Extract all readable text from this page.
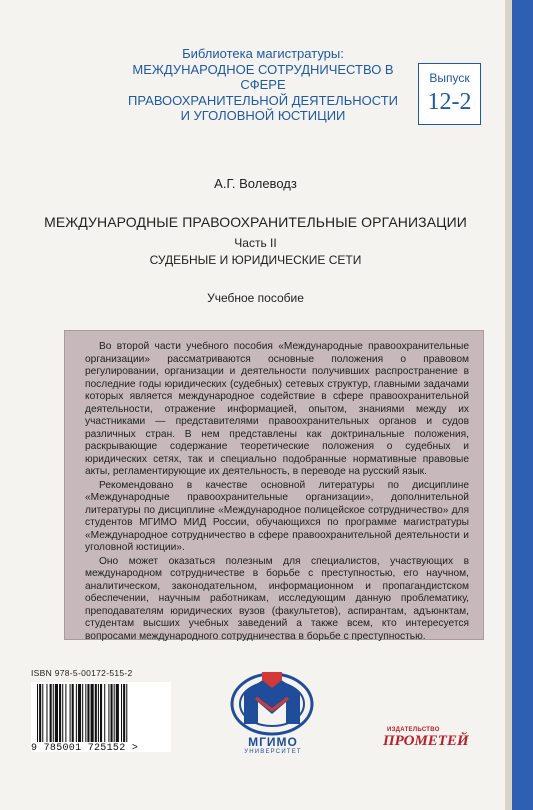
Библиотека магистратуры:
МЕЖДУНАРОДНОЕ СОТРУДНИЧЕСТВО В СФЕРЕ
ПРАВООХРАНИТЕЛЬНОЙ ДЕЯТЕЛЬНОСТИ
И УГОЛОВНОЙ ЮСТИЦИИ
Выпуск
12-2
А.Г. Волеводз
МЕЖДУНАРОДНЫЕ ПРАВООХРАНИТЕЛЬНЫЕ ОРГАНИЗАЦИИ
Часть II
СУДЕБНЫЕ И ЮРИДИЧЕСКИЕ СЕТИ
Учебное пособие

Во второй части учебного пособия «Международные правоохранительные организации» рассматриваются основные положения о правовом регулировании, организации и деятельности получивших распространение в последние годы юридических (судебных) сетевых структур, главными задачами которых является международное содействие в сфере правоохранительной деятельности, отражение информацией, опытом, знаниями между их участниками — представителями правоохранительных органов и судов различных стран. В нем представлены как доктринальные положения, раскрывающие содержание теоретические положения о судебных и юридических сетях, так и специально подобранные нормативные правовые акты, регламентирующие их деятельность, в переводе на русский язык.

Рекомендовано в качестве основной литературы по дисциплине «Международные правоохранительные организации», дополнительной литературы по дисциплине «Международное полицейское сотрудничество» для студентов МГИМО МИД России, обучающихся по программе магистратуры «Международное сотрудничество в сфере правоохранительной деятельности и уголовной юстиции».

Оно может оказаться полезным для специалистов, участвующих в международном сотрудничестве в борьбе с преступностью, его научном, аналитическом, законодательном, информационном и пропагандистском обеспечении, научным работникам, исследующим данную проблематику, преподавателям юридических вузов (факультетов), аспирантам, адъюнктам, студентам высших учебных заведений а также всем, кто интересуется вопросами международного сотрудничества в борьбе с преступностью.

ISBN 978-5-00172-515-2
9 785001 725152 >	МГИМО
УНИВЕРСИТЕТ
ИЗДАТЕЛЬСТВО
ПРОМЕТЕЙ
